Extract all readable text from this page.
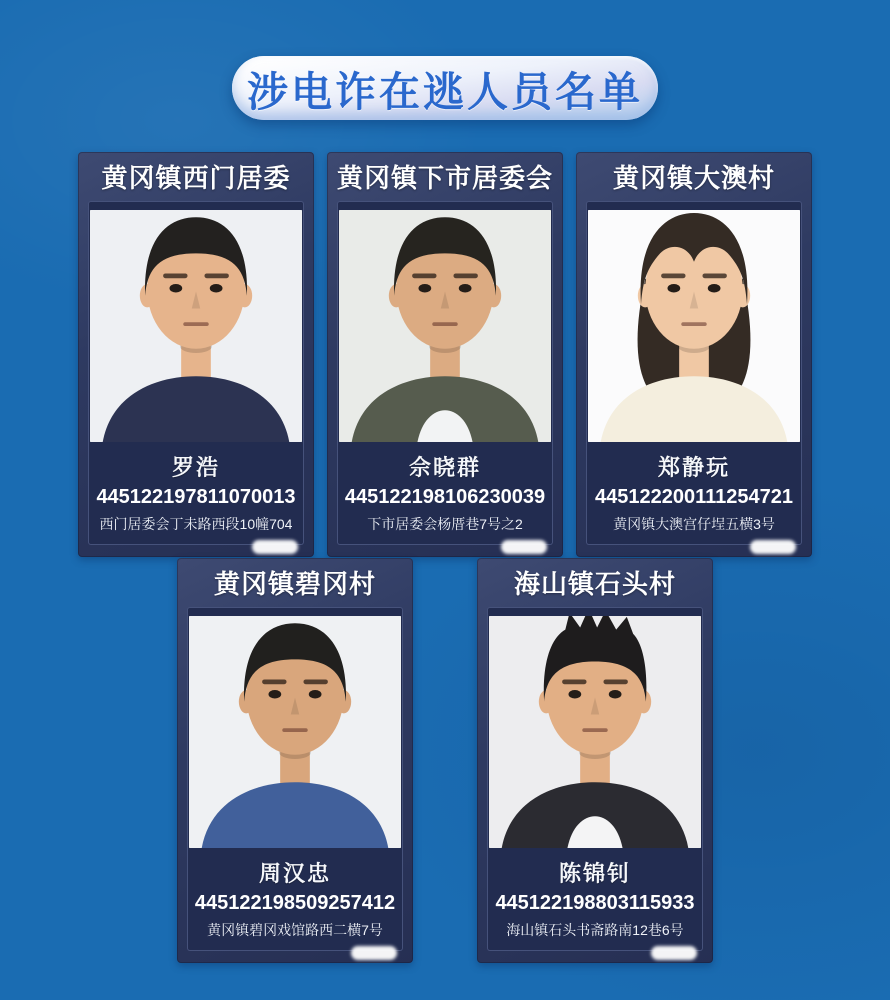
涉电诈在逃人员名单
黄冈镇西门居委
罗浩
445122197811070013
西门居委会丁未路西段10幢704
黄冈镇下市居委会
佘晓群
445122198106230039
下市居委会杨厝巷7号之2
黄冈镇大澳村
郑静玩
445122200111254721
黄冈镇大澳宫仔埕五横3号
黄冈镇碧冈村
周汉忠
445122198509257412
黄冈镇碧冈戏馆路西二横7号
海山镇石头村
陈锦钊
445122198803115933
海山镇石头书斋路南12巷6号
